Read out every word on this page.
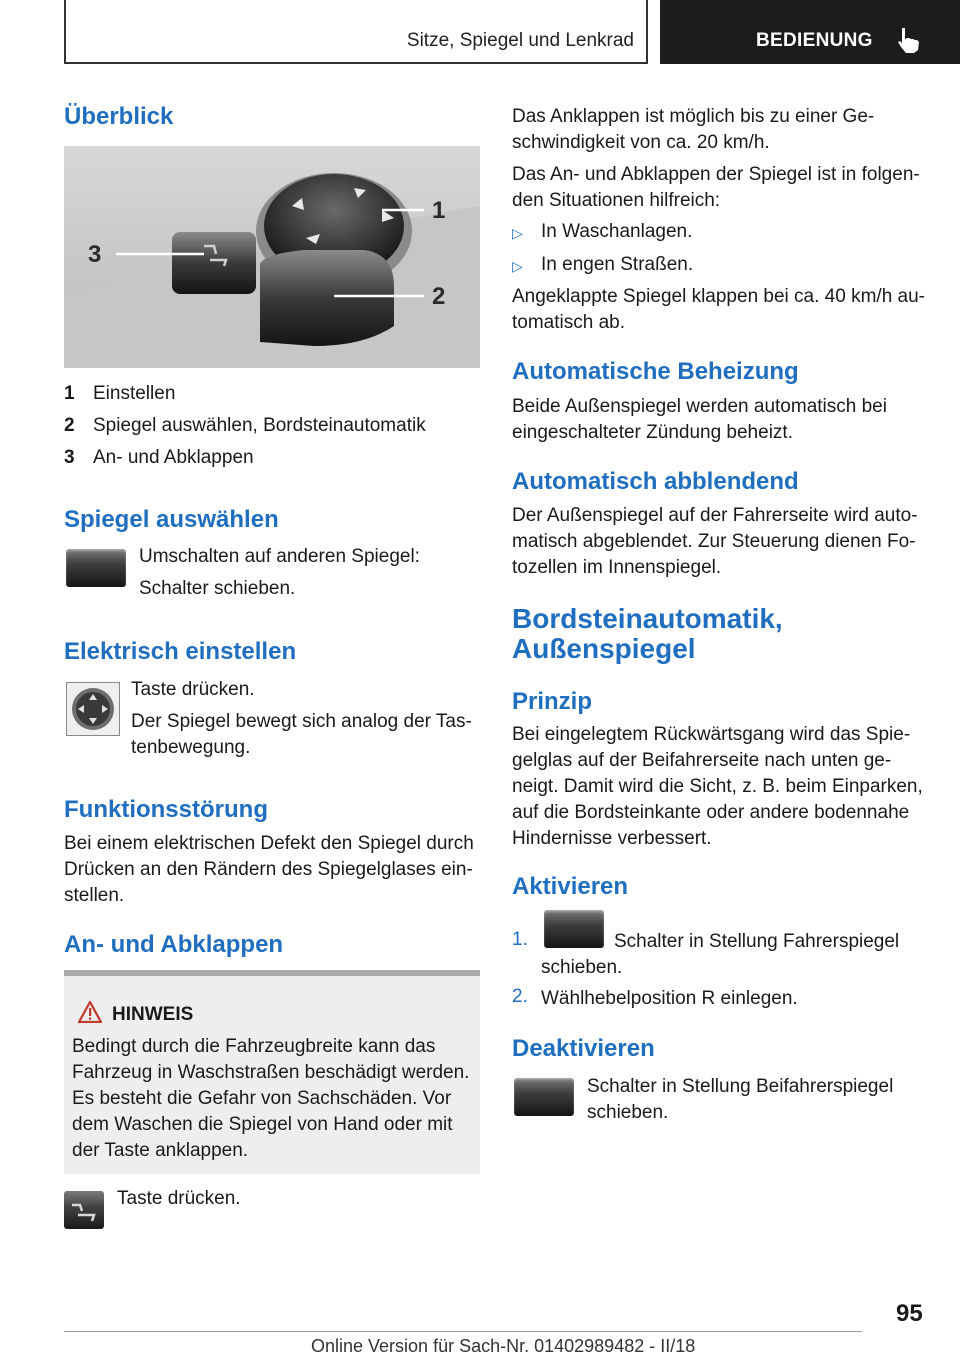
Sitze, Spiegel und Lenkrad	BEDIENUNG
Überblick
1
2
3
1 Einstellen
2 Spiegel auswählen, Bordsteinautomatik
3 An- und Abklappen
Spiegel auswählen
Umschalten auf anderen Spiegel:
Schalter schieben.
Elektrisch einstellen
Taste drücken.
Der Spiegel bewegt sich analog der Tas-
tenbewegung.
Funktionsstörung
Bei einem elektrischen Defekt den Spiegel durch
Drücken an den Rändern des Spiegelglases ein-
stellen.
An- und Abklappen
HINWEIS
Bedingt durch die Fahrzeugbreite kann das
Fahrzeug in Waschstraßen beschädigt werden.
Es besteht die Gefahr von Sachschäden. Vor
dem Waschen die Spiegel von Hand oder mit
der Taste anklappen.
Taste drücken.
Das Anklappen ist möglich bis zu einer Ge-
schwindigkeit von ca. 20 km/h.
Das An- und Abklappen der Spiegel ist in folgen-
den Situationen hilfreich:
▷ In Waschanlagen.
▷ In engen Straßen.
Angeklappte Spiegel klappen bei ca. 40 km/h au-
tomatisch ab.
Automatische Beheizung
Beide Außenspiegel werden automatisch bei
eingeschalteter Zündung beheizt.
Automatisch abblendend
Der Außenspiegel auf der Fahrerseite wird auto-
matisch abgeblendet. Zur Steuerung dienen Fo-
tozellen im Innenspiegel.
Bordsteinautomatik,
Außenspiegel
Prinzip
Bei eingelegtem Rückwärtsgang wird das Spie-
gelglas auf der Beifahrerseite nach unten ge-
neigt. Damit wird die Sicht, z. B. beim Einparken,
auf die Bordsteinkante oder andere bodennahe
Hindernisse verbessert.
Aktivieren
1.	Schalter in Stellung Fahrerspiegel
schieben.
2. Wählhebelposition R einlegen.
Deaktivieren
Schalter in Stellung Beifahrerspiegel
schieben.
95
Online Version für Sach-Nr. 01402989482 - II/18
